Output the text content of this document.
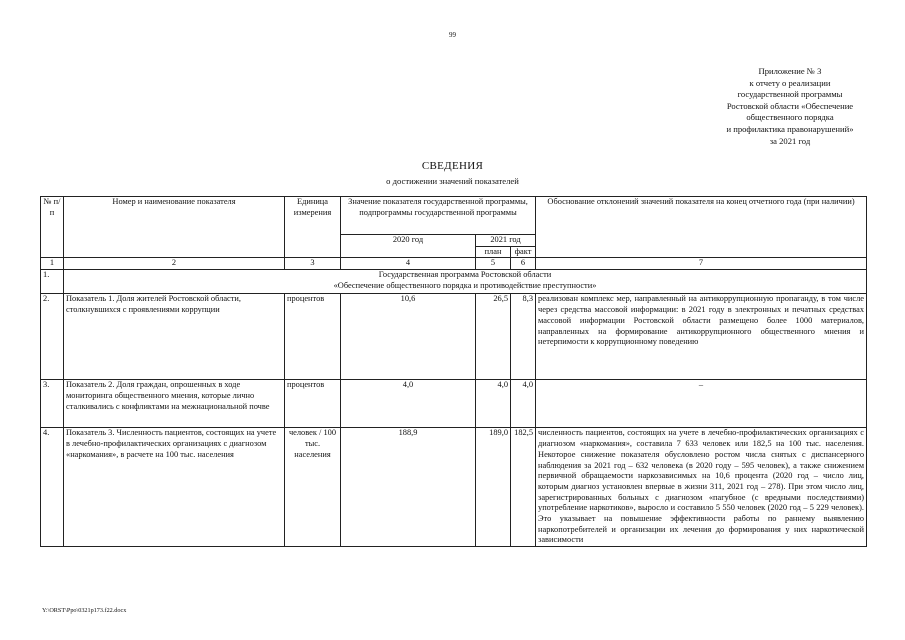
99
Приложение № 3
к отчету о реализации
государственной программы
Ростовской области «Обеспечение
общественного порядка
и профилактика правонарушений»
за 2021 год
СВЕДЕНИЯ
о достижении значений показателей
№ п/п	Номер и наименование показателя	Единица измерения	Значение показателя государственной программы, подпрограммы государственной программы			Обоснование отклонений значений показателя на конец отчетного года (при наличии)
			2020 год	2021 год		
				план	факт	
1	2	3	4	5	6	7
1.	Государственная программа Ростовской области
«Обеспечение общественного порядка и противодействие преступности»					

2.	Показатель 1. Доля жителей Ростовской области, столкнувшихся с проявлениями коррупции	процентов	10,6	26,5	8,3	реализован комплекс мер, направленный на антикоррупционную пропаганду, в том числе через средства массовой информации: в 2021 году в электронных и печатных средствах массовой информации Ростовской области размещено более 1000 материалов, направленных на формирование антикоррупционного общественного мнения и нетерпимости к коррупционному поведению
3.	Показатель 2. Доля граждан, опрошенных в ходе мониторинга общественного мнения, которые лично сталкивались с конфликтами на межнациональной почве	процентов	4,0	4,0	4,0	–
4.	Показатель 3. Численность пациентов, состоящих на учете в лечебно-профилактических организациях с диагнозом «наркомания», в расчете на 100 тыс. населения	человек / 100 тыс. населения	188,9	189,0	182,5	численность пациентов, состоящих на учете в лечебно-профилактических организациях с диагнозом «наркомания», составила 7 633 человек или 182,5 на 100 тыс. населения. Некоторое снижение показателя обусловлено ростом числа снятых с диспансерного наблюдения за 2021 год – 632 человека (в 2020 году – 595 человек), а также снижением первичной обращаемости наркозависимых на 10,6 процента (2020 год – число лиц, которым диагноз установлен впервые в жизни 311, 2021 год – 278). При этом число лиц, зарегистрированных больных с диагнозом «пагубное (с вредными последствиями) употребление наркотиков», выросло и составило 5 550 человек (2020 год – 5 229 человек). Это указывает на повышение эффективности работы по раннему выявлению наркопотребителей и организации их лечения до формирования у них наркотической зависимости
Y:\ORST\Ppo\0321p173.f22.docx
